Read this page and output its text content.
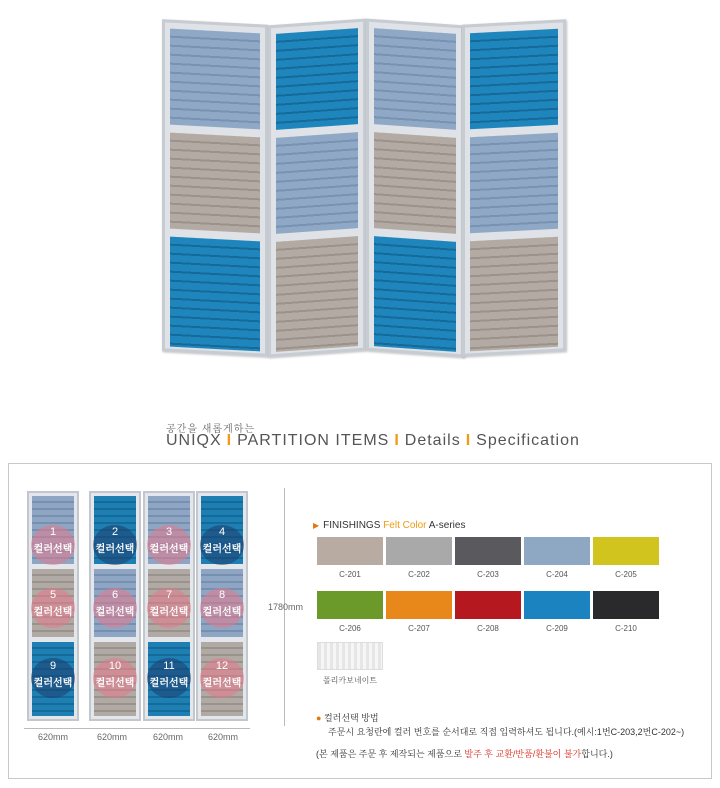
공간을 새롭게하는
UNIQX I PARTITION ITEMS I Details I Specification
1
컬러선택
2
컬러선택
3
컬러선택
4
컬러선택
5
컬러선택
6
컬러선택
7
컬러선택
8
컬러선택
9
컬러선택
10
컬러선택
11
컬러선택
12
컬러선택
620mm	620mm	620mm	620mm
1780mm
▶ FINISHINGS Felt Color A-series
C-201	C-202	C-203	C-204	C-205
C-206	C-207	C-208	C-209	C-210
폴리카보네이트
● 컬러선택 방법
주문시 요청란에 컬러 번호를 순서대로 직접 입력하셔도 됩니다.(예시:1번C-203,2번C-202~)
(본 제품은 주문 후 제작되는 제품으로 발주 후 교환/반품/환불이 불가합니다.)
